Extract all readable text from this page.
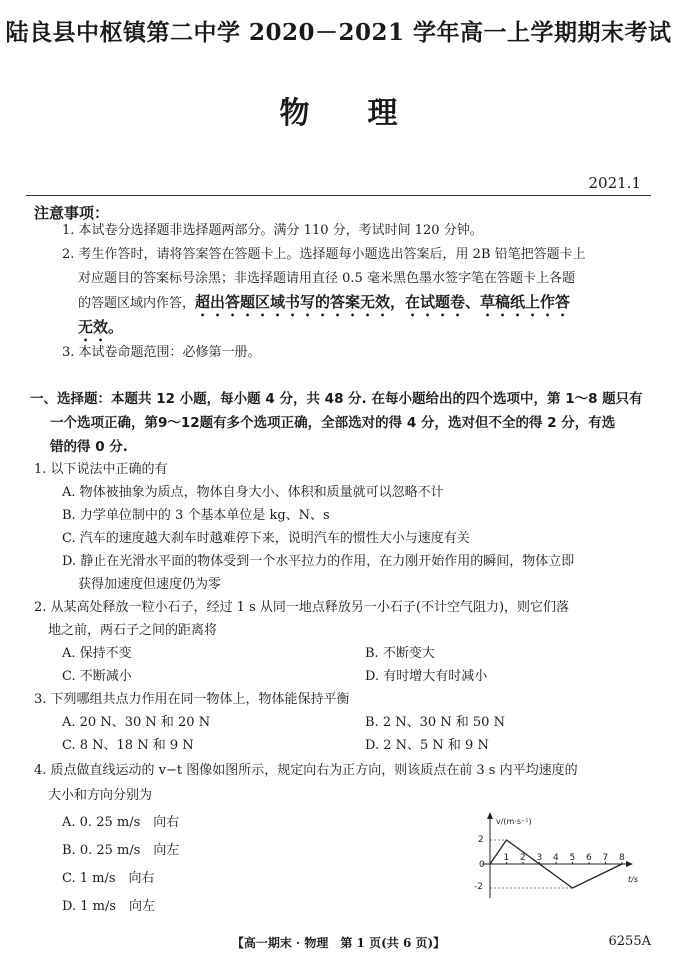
陆良县中枢镇第二中学 2020－2021 学年高一上学期期末考试
物理
2021.1
注意事项：
1. 本试卷分选择题非选择题两部分。满分 110 分，考试时间 120 分钟。
2. 考生作答时，请将答案答在答题卡上。选择题每小题选出答案后，用 2B 铅笔把答题卡上
对应题目的答案标号涂黑；非选择题请用直径 0.5 毫米黑色墨水签字笔在答题卡上各题
的答题区域内作答，超出答题区域书写的答案无效，在试题卷、草稿纸上作答
无效。
3. 本试卷命题范围：必修第一册。
一、选择题：本题共 12 小题，每小题 4 分，共 48 分. 在每小题给出的四个选项中，第 1～8 题只有
一个选项正确，第9～12题有多个选项正确，全部选对的得 4 分，选对但不全的得 2 分，有选
错的得 0 分.
1. 以下说法中正确的有
A. 物体被抽象为质点，物体自身大小、体积和质量就可以忽略不计
B. 力学单位制中的 3 个基本单位是 kg、N、s
C. 汽车的速度越大刹车时越难停下来，说明汽车的惯性大小与速度有关
D. 静止在光滑水平面的物体受到一个水平拉力的作用，在力刚开始作用的瞬间，物体立即
获得加速度但速度仍为零
2. 从某高处释放一粒小石子，经过 1 s 从同一地点释放另一小石子(不计空气阻力)，则它们落
地之前，两石子之间的距离将
A. 保持不变	B. 不断变大
C. 不断减小	D. 有时增大有时减小
3. 下列哪组共点力作用在同一物体上，物体能保持平衡
A. 20 N、30 N 和 20 N	B. 2 N、30 N 和 50 N
C. 8 N、18 N 和 9 N	D. 2 N、5 N 和 9 N
4. 质点做直线运动的 v−t 图像如图所示，规定向右为正方向，则该质点在前 3 s 内平均速度的
大小和方向分别为
A. 0. 25 m/s　向右
B. 0. 25 m/s　向左
C. 1 m/s　向右
D. 1 m/s　向左
v/(m·s⁻¹)
t/s
2
0
-2
1 2 3 4 5 6 7 8
【高一期末 · 物理　第 1 页(共 6 页)】	6255A
